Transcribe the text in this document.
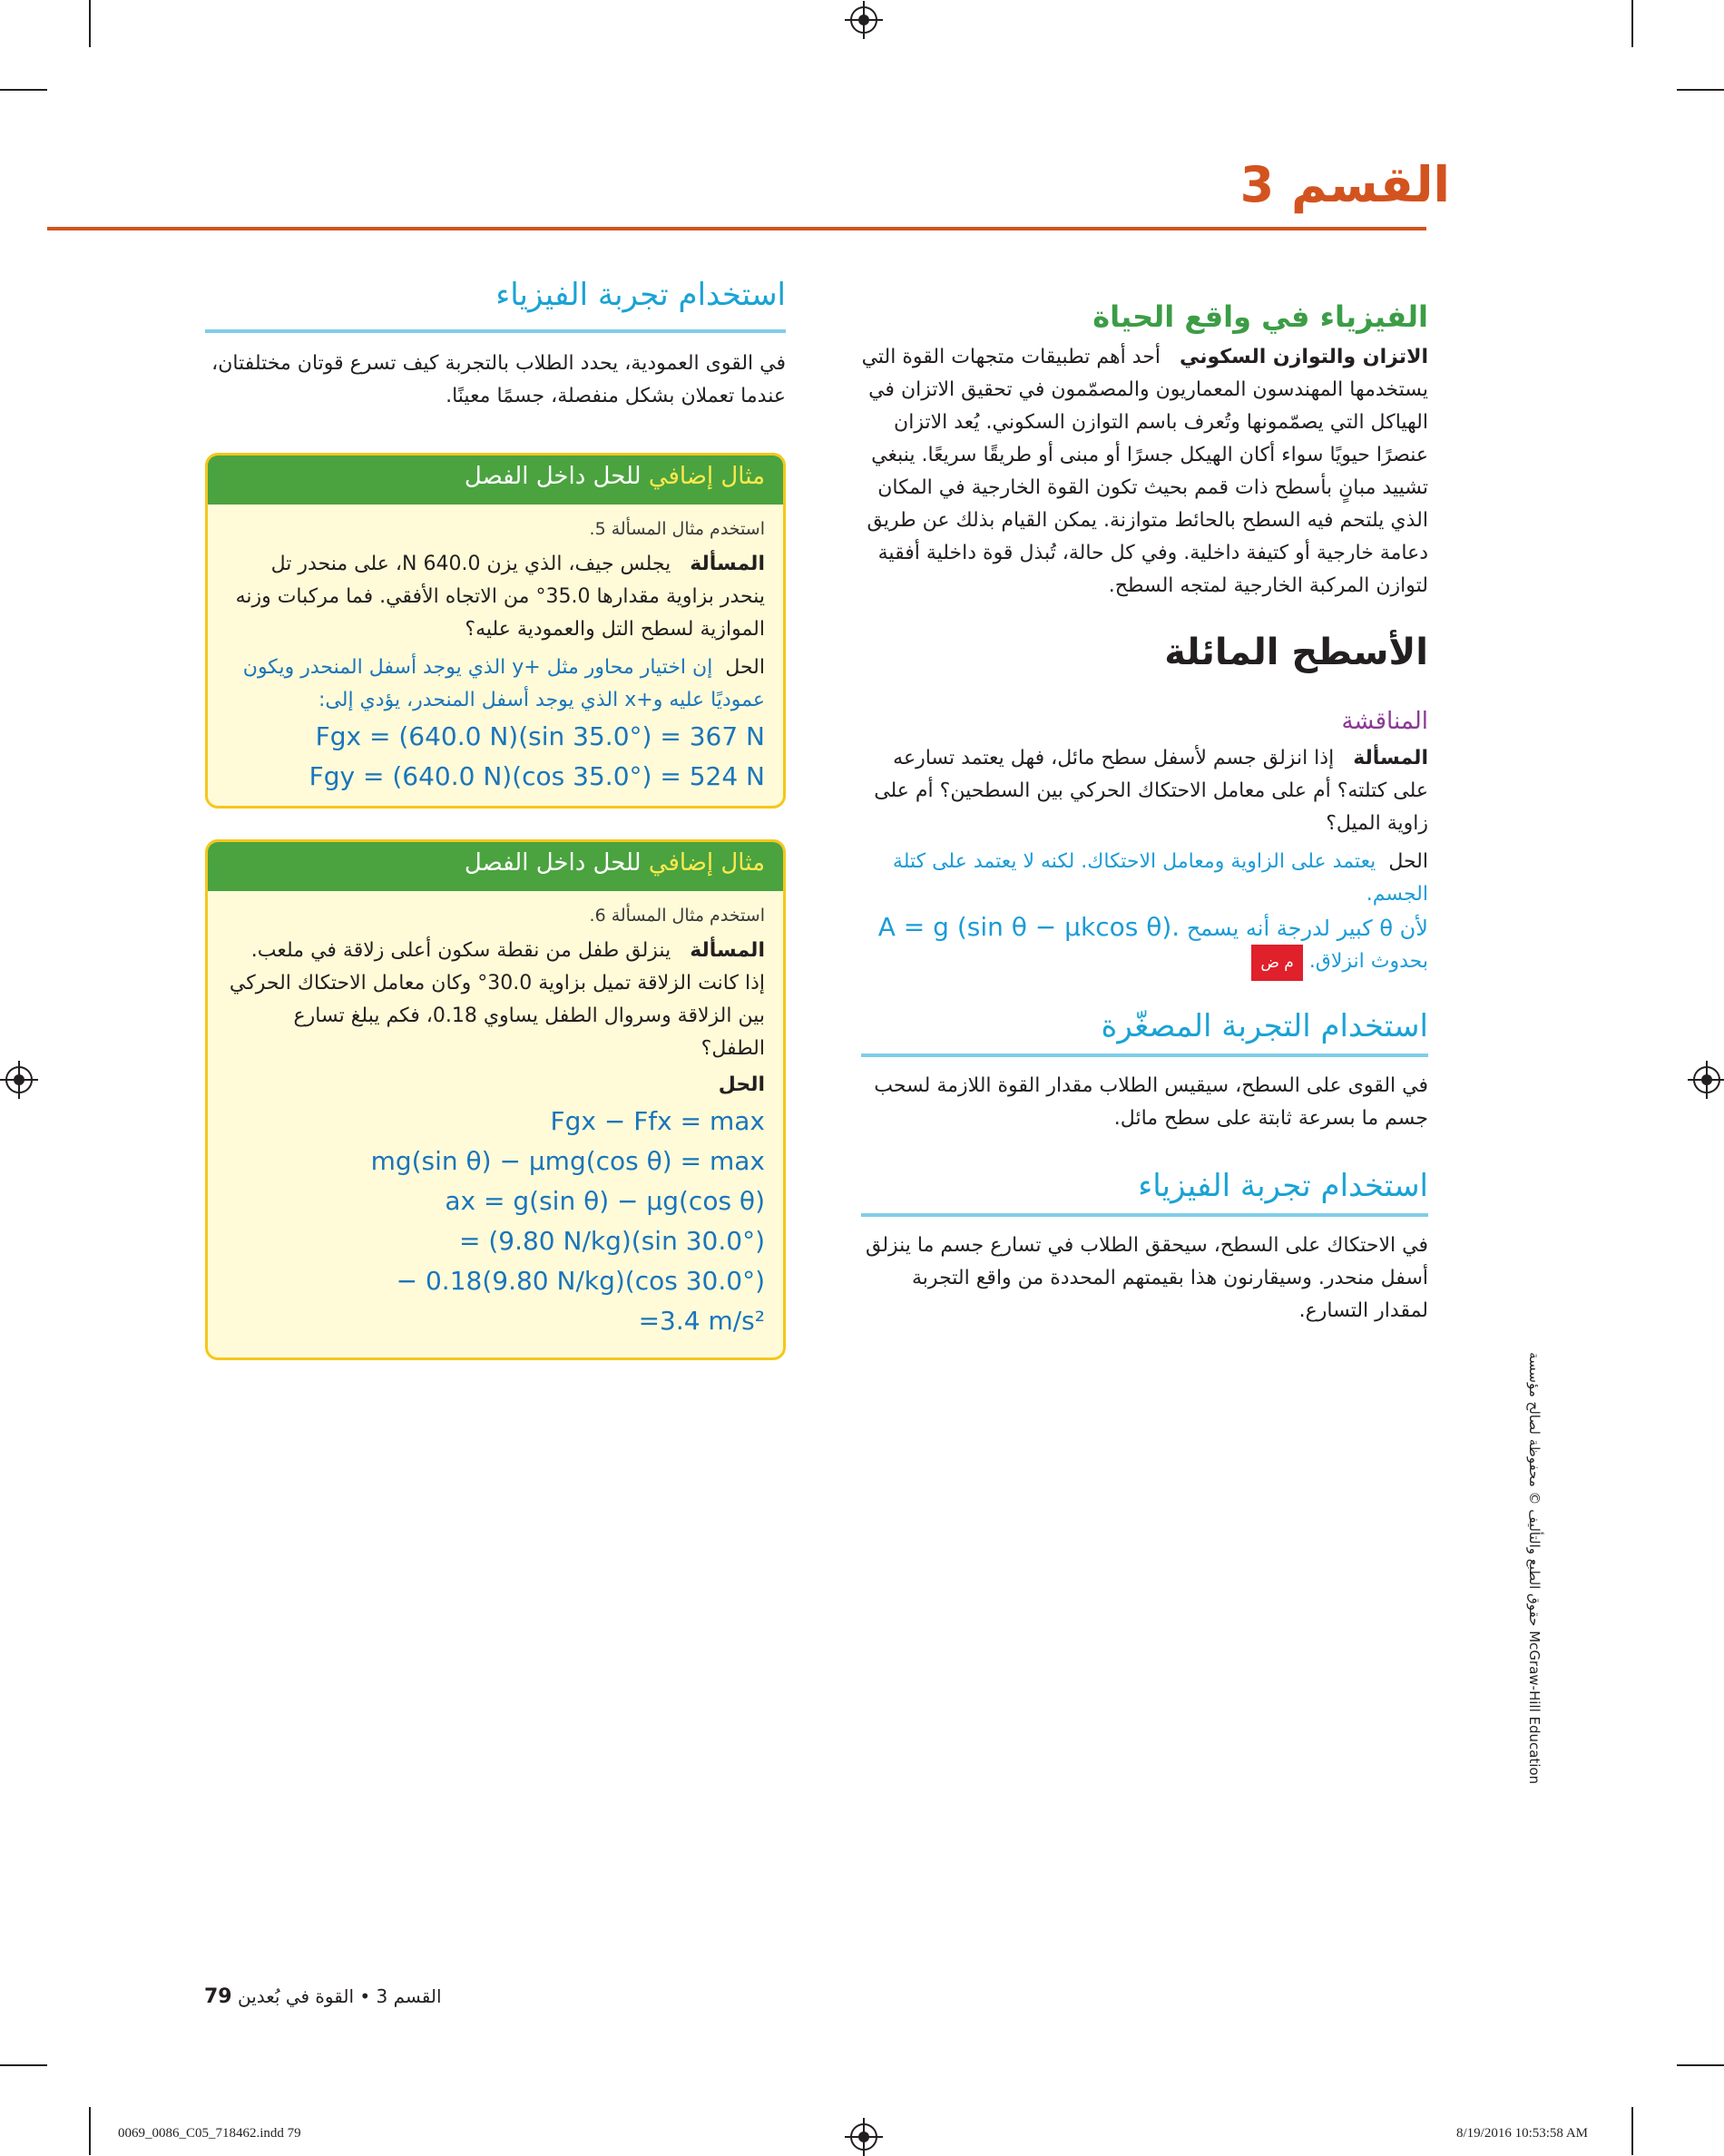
القسم 3
الفيزياء في واقع الحياة
الاتزان والتوازن السكوني   أحد أهم تطبيقات متجهات القوة التي يستخدمها المهندسون المعماريون والمصمّمون في تحقيق الاتزان في الهياكل التي يصمّمونها وتُعرف باسم التوازن السكوني. يُعد الاتزان عنصرًا حيويًا سواء أكان الهيكل جسرًا أو مبنى أو طريقًا سريعًا. ينبغي تشييد مبانٍ بأسطح ذات قمم بحيث تكون القوة الخارجية في المكان الذي يلتحم فيه السطح بالحائط متوازنة. يمكن القيام بذلك عن طريق دعامة خارجية أو كتيفة داخلية. وفي كل حالة، تُبذل قوة داخلية أفقية لتوازن المركبة الخارجية لمتجه السطح.
الأسطح المائلة
المناقشة
المسألة   إذا انزلق جسم لأسفل سطح مائل، فهل يعتمد تسارعه على كتلته؟ أم على معامل الاحتكاك الحركي بين السطحين؟ أم على زاوية الميل؟
الحل  يعتمد على الزاوية ومعامل الاحتكاك. لكنه لا يعتمد على كتلة الجسم.
لأن θ كبير لدرجة أنه يسمح A = g (sin θ − μkcos θ).
بحدوث انزلاق. م ض
استخدام التجربة المصغّرة
في القوى على السطح، سيقيس الطلاب مقدار القوة اللازمة لسحب جسم ما بسرعة ثابتة على سطح مائل.
استخدام تجربة الفيزياء
في الاحتكاك على السطح، سيحقق الطلاب في تسارع جسم ما ينزلق أسفل منحدر. وسيقارنون هذا بقيمتهم المحددة من واقع التجربة لمقدار التسارع.
استخدام تجربة الفيزياء
في القوى العمودية، يحدد الطلاب بالتجربة كيف تسرع قوتان مختلفتان، عندما تعملان بشكل منفصلة، جسمًا معينًا.
مثال إضافي للحل داخل الفصل
استخدم مثال المسألة 5.
المسألة   يجلس جيف، الذي يزن 640.0 N، على منحدر تل ينحدر بزاوية مقدارها 35.0° من الاتجاه الأفقي. فما مركبات وزنه الموازية لسطح التل والعمودية عليه؟
الحل  إن اختيار محاور مثل +y الذي يوجد أسفل المنحدر ويكون عموديًا عليه و+x الذي يوجد أسفل المنحدر، يؤدي إلى:
Fgx = (640.0 N)(sin 35.0°) = 367 N
Fgy = (640.0 N)(cos 35.0°) = 524 N
مثال إضافي للحل داخل الفصل
استخدم مثال المسألة 6.
المسألة   ينزلق طفل من نقطة سكون أعلى زلاقة في ملعب. إذا كانت الزلاقة تميل بزاوية 30.0° وكان معامل الاحتكاك الحركي بين الزلاقة وسروال الطفل يساوي 0.18، فكم يبلغ تسارع الطفل؟
الحل
Fgx − Ffx = max
mg(sin θ) − μmg(cos θ) = max
ax = g(sin θ) − μg(cos θ)
= (9.80 N/kg)(sin 30.0°)
− 0.18(9.80 N/kg)(cos 30.0°)
=3.4 m/s²
حقوق الطبع والتأليف © محفوظة لصالح مؤسسة McGraw-Hill Education
79 القسم 3 • القوة في بُعدين
0069_0086_C05_718462.indd 79	8/19/2016 10:53:58 AM
